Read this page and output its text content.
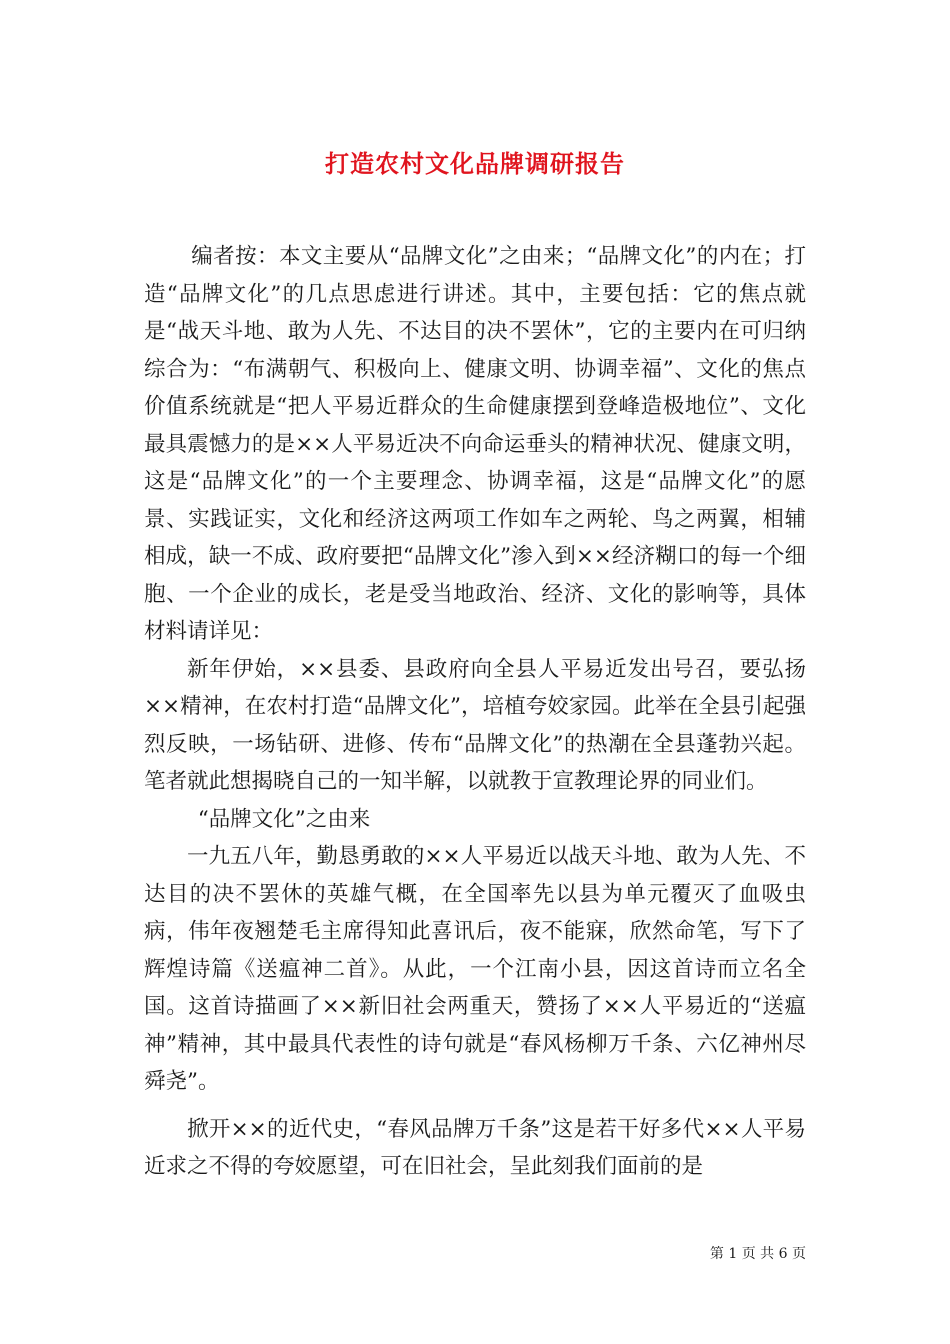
打造农村文化品牌调研报告

编者按：本文主要从“品牌文化”之由来；“品牌文化”的内在；打造“品牌文化”的几点思虑进行讲述。其中，主要包括：它的焦点就是“战天斗地、敢为人先、不达目的决不罢休”，它的主要内在可归纳综合为：“布满朝气、积极向上、健康文明、协调幸福”、文化的焦点价值系统就是“把人平易近群众的生命健康摆到登峰造极地位”、文化最具震憾力的是××人平易近决不向命运垂头的精神状况、健康文明，这是“品牌文化”的一个主要理念、协调幸福，这是“品牌文化”的愿景、实践证实，文化和经济这两项工作如车之两轮、鸟之两翼，相辅相成，缺一不成、政府要把“品牌文化”渗入到××经济糊口的每一个细胞、一个企业的成长，老是受当地政治、经济、文化的影响等，具体材料请详见：

新年伊始，××县委、县政府向全县人平易近发出号召，要弘扬××精神，在农村打造“品牌文化”，培植夸姣家园。此举在全县引起强烈反映，一场钻研、进修、传布“品牌文化”的热潮在全县蓬勃兴起。笔者就此想揭晓自己的一知半解，以就教于宣教理论界的同业们。

“品牌文化”之由来

一九五八年，勤恳勇敢的××人平易近以战天斗地、敢为人先、不达目的决不罢休的英雄气概，在全国率先以县为单元覆灭了血吸虫病，伟年夜翘楚毛主席得知此喜讯后，夜不能寐，欣然命笔，写下了辉煌诗篇《送瘟神二首》。从此，一个江南小县，因这首诗而立名全国。这首诗描画了××新旧社会两重天，赞扬了××人平易近的“送瘟神”精神，其中最具代表性的诗句就是“春风杨柳万千条、六亿神州尽舜尧”。

掀开××的近代史，“春风品牌万千条”这是若干好多代××人平易近求之不得的夸姣愿望，可在旧社会，呈此刻我们面前的是

第 1 页 共 6 页
